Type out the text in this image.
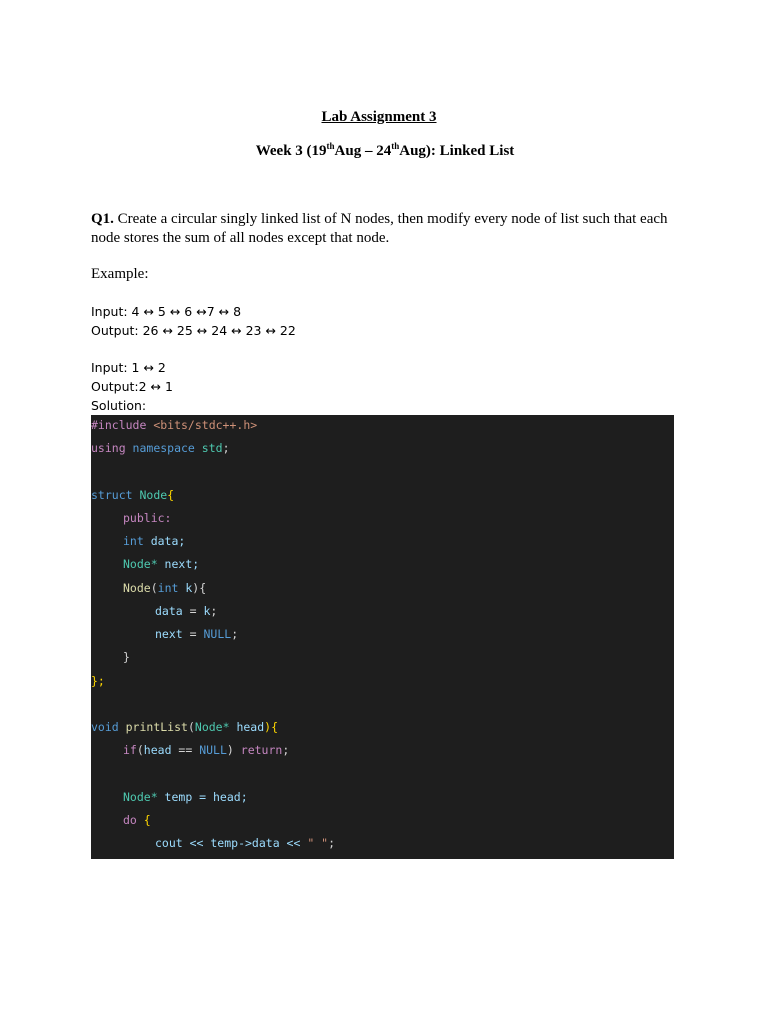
Lab Assignment 3

Week 3 (19thAug – 24thAug): Linked List

Q1. Create a circular singly linked list of N nodes, then modify every node of list such that each node stores the sum of all nodes except that node.

Example:

Input: 4 ↔ 5 ↔ 6 ↔7 ↔ 8

Output: 26 ↔ 25 ↔ 24 ↔ 23 ↔ 22

Input: 1 ↔ 2

Output:2 ↔ 1

Solution:

#include <bits/stdc++.h>
using namespace std;
struct Node{
public:
int data;
Node* next;
Node(int k){
data = k;
next = NULL;
}
};
void printList(Node* head){
if(head == NULL) return;
Node* temp = head;
do {
cout << temp->data << " ";
